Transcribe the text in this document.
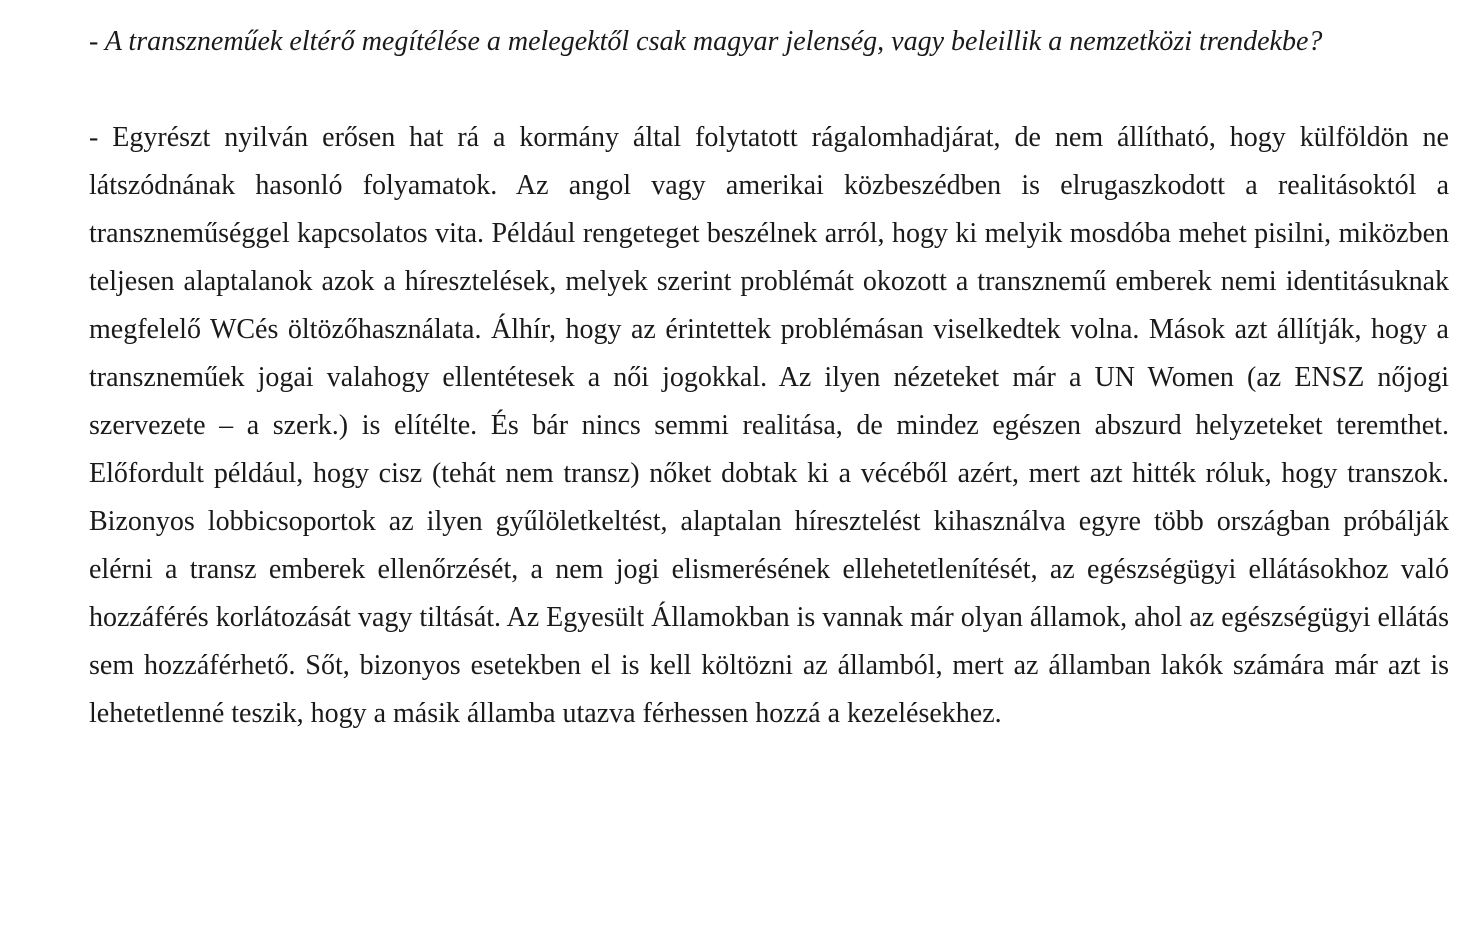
- A transzneműek eltérő megítélése a melegektől csak magyar jelenség, vagy beleillik a nemzetközi trendekbe?

- Egyrészt nyilván erősen hat rá a kormány által folytatott rágalomhadjárat, de nem állítható, hogy külföldön ne látszódnának hasonló folyamatok. Az angol vagy amerikai közbeszédben is elrugaszkodott a realitásoktól a transzneműséggel kapcsolatos vita. Például rengeteget beszélnek arról, hogy ki melyik mosdóba mehet pisilni, miközben teljesen alaptalanok azok a híresztelések, melyek szerint problémát okozott a transznemű emberek nemi identitásuknak megfelelő WCés öltözőhasználata. Álhír, hogy az érintettek problémásan viselkedtek volna. Mások azt állítják, hogy a transzneműek jogai valahogy ellentétesek a női jogokkal. Az ilyen nézeteket már a UN Women (az ENSZ nőjogi szervezete – a szerk.) is elítélte. És bár nincs semmi realitása, de mindez egészen abszurd helyzeteket teremthet. Előfordult például, hogy cisz (tehát nem transz) nőket dobtak ki a vécéből azért, mert azt hitték róluk, hogy transzok. Bizonyos lobbicsoportok az ilyen gyűlöletkeltést, alaptalan híresztelést kihasználva egyre több országban próbálják elérni a transz emberek ellenőrzését, a nem jogi elismerésének ellehetetlenítését, az egészségügyi ellátásokhoz való hozzáférés korlátozását vagy tiltását. Az Egyesült Államokban is vannak már olyan államok, ahol az egészségügyi ellátás sem hozzáférhető. Sőt, bizonyos esetekben el is kell költözni az államból, mert az államban lakók számára már azt is lehetetlenné teszik, hogy a másik államba utazva férhessen hozzá a kezelésekhez.
